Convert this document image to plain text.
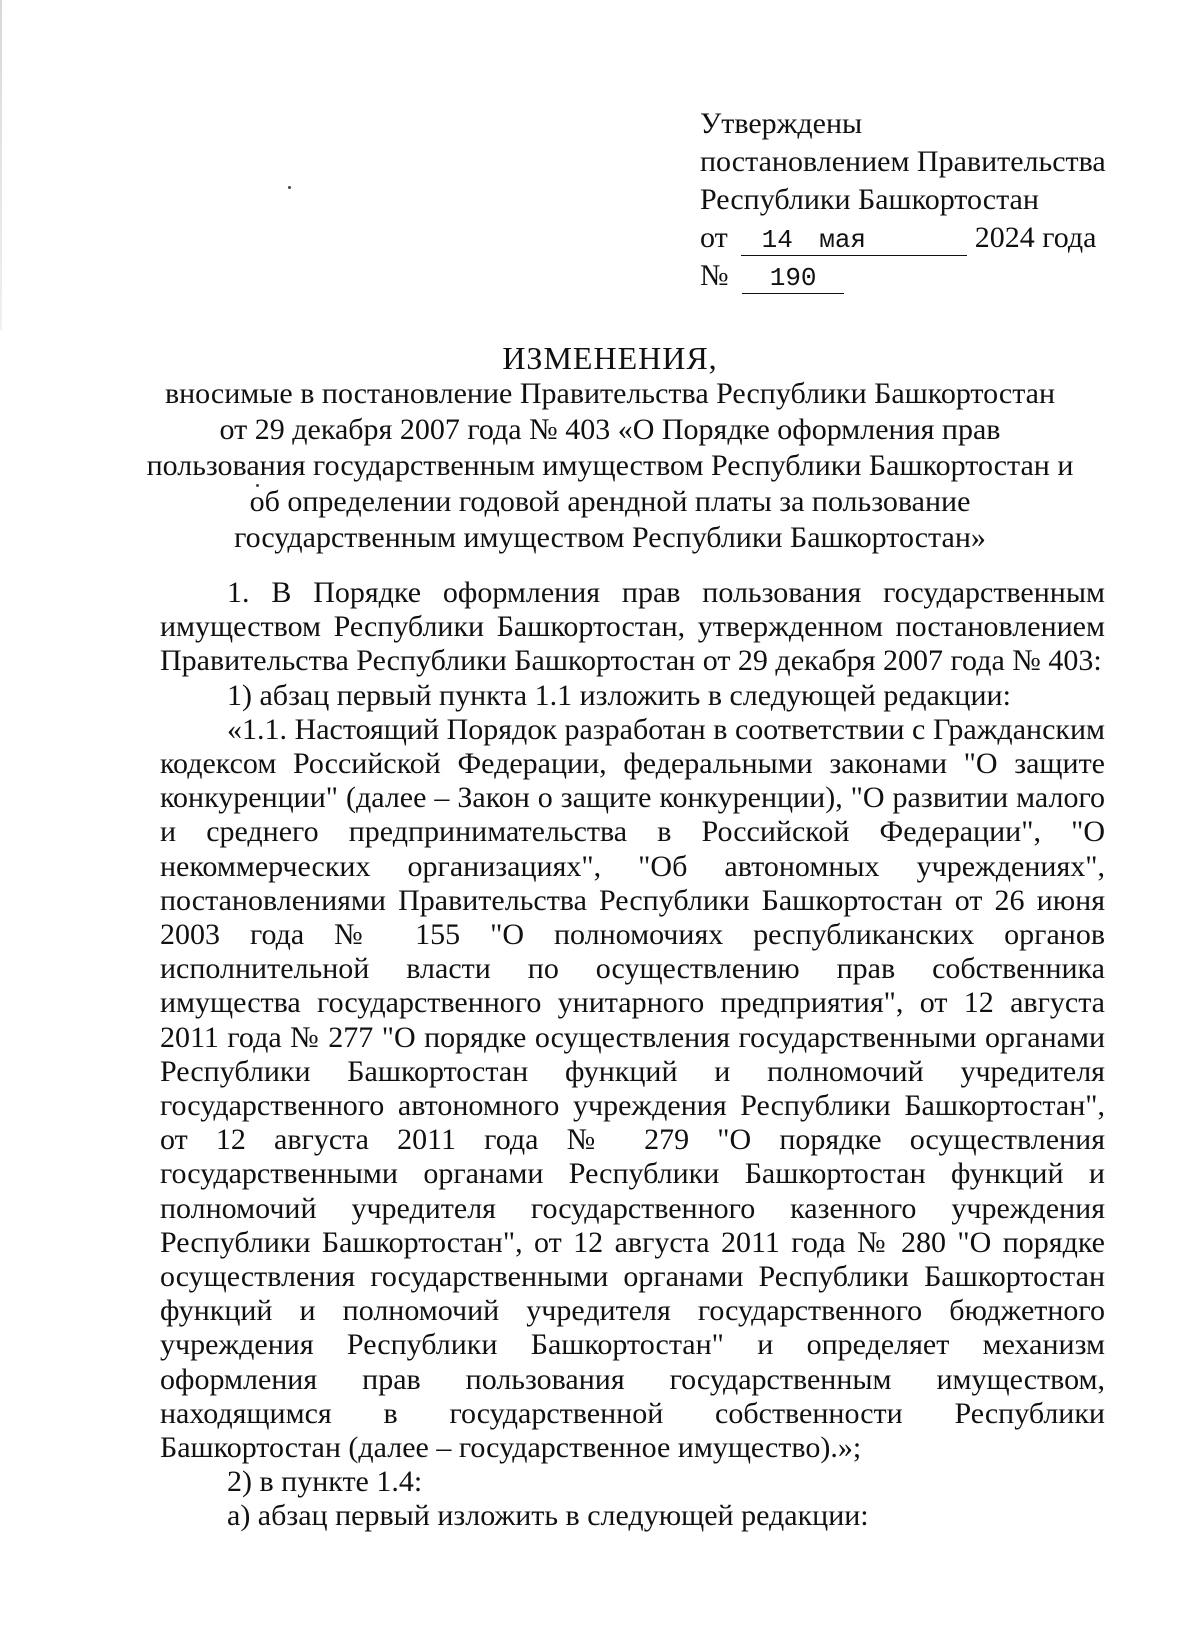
Утверждены
постановлением Правительства
Республики Башкортостан
от 14 мая	2024 года
№ 190
ИЗМЕНЕНИЯ,
вносимые в постановление Правительства Республики Башкортостан
от 29 декабря 2007 года № 403 «О Порядке оформления прав
пользования государственным имуществом Республики Башкортостан и
об определении годовой арендной платы за пользование
государственным имуществом Республики Башкортостан»

1. В Порядке оформления прав пользования государственным имуществом Республики Башкортостан, утвержденном постановлением Правительства Республики Башкортостан от 29 декабря 2007 года № 403:

1) абзац первый пункта 1.1 изложить в следующей редакции:

«1.1. Настоящий Порядок разработан в соответствии с Гражданским кодексом Российской Федерации, федеральными законами "О защите конкуренции" (далее – Закон о защите конкуренции), "О развитии малого и среднего предпринимательства в Российской Федерации", "О некоммерческих организациях", "Об автономных учреждениях", постановлениями Правительства Республики Башкортостан от 26 июня 2003 года № 155 "О полномочиях республиканских органов исполнительной власти по осуществлению прав собственника имущества государственного унитарного предприятия", от 12 августа 2011 года № 277 "О порядке осуществления государственными органами Республики Башкортостан функций и полномочий учредителя государственного автономного учреждения Республики Башкортостан", от 12 августа 2011 года № 279 "О порядке осуществления государственными органами Республики Башкортостан функций и полномочий учредителя государственного казенного учреждения Республики Башкортостан", от 12 августа 2011 года № 280 "О порядке осуществления государственными органами Республики Башкортостан функций и полномочий учредителя государственного бюджетного учреждения Республики Башкортостан" и определяет механизм оформления прав пользования государственным имуществом, находящимся в государственной собственности Республики Башкортостан (далее – государственное имущество).»;

2) в пункте 1.4:

а) абзац первый изложить в следующей редакции:
